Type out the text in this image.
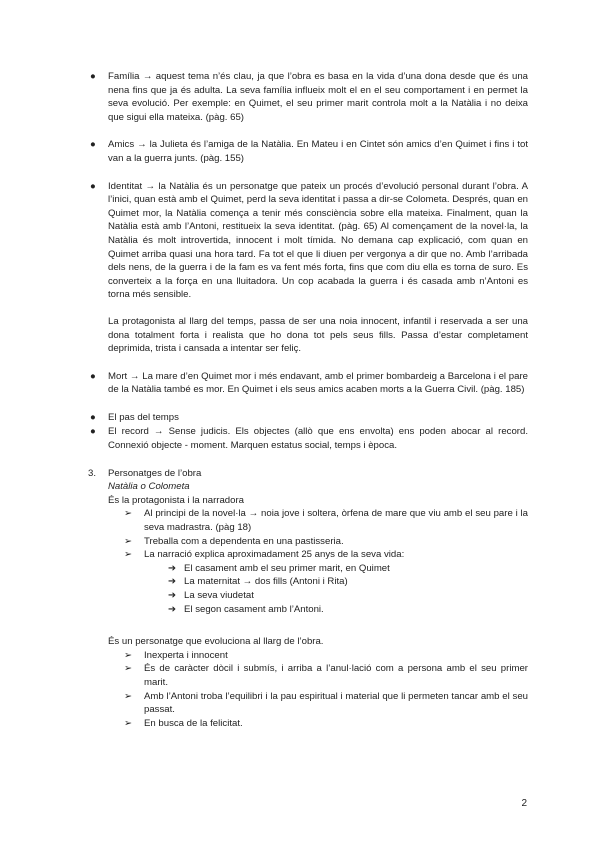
● Família → aquest tema n’és clau, ja que l’obra es basa en la vida d’una dona desde que és una nena fins que ja és adulta. La seva família influeix molt el en el seu comportament i en permet la seva evolució. Per exemple: en Quimet, el seu primer marit controla molt a la Natàlia i no deixa que sigui ella mateixa. (pàg. 65)

● Amics → la Julieta és l’amiga de la Natàlia. En Mateu i en Cintet són amics d’en Quimet i fins i tot van a la guerra junts. (pàg. 155)

● Identitat → la Natàlia és un personatge que pateix un procés d’evolució personal durant l’obra. A l’inici, quan està amb el Quimet, perd la seva identitat i passa a dir-se Colometa. Després, quan en Quimet mor, la Natàlia comença a tenir més consciència sobre ella mateixa. Finalment, quan la Natàlia està amb l’Antoni, restitueix la seva identitat. (pàg. 65) Al començament de la novel·la, la Natàlia és molt introvertida, innocent i molt tímida. No demana cap explicació, com quan en Quimet arriba quasi una hora tard. Fa tot el que li diuen per vergonya a dir que no. Amb l’arribada dels nens, de la guerra i de la fam es va fent més forta, fins que com diu ella es torna de suro. Es converteix a la força en una lluitadora. Un cop acabada la guerra i és casada amb n’Antoni es torna més sensible.

La protagonista al llarg del temps, passa de ser una noia innocent, infantil i reservada a ser una dona totalment forta i realista que ho dona tot pels seus fills. Passa d’estar completament deprimida, trista i cansada a intentar ser feliç.

● Mort → La mare d’en Quimet mor i més endavant, amb el primer bombardeig a Barcelona i el pare de la Natàlia també es mor. En Quimet i els seus amics acaben morts a la Guerra Civil. (pàg. 185)

● El pas del temps

● El record → Sense judicis. Els objectes (allò que ens envolta) ens poden abocar al record. Connexió objecte - moment. Marquen estatus social, temps i època.

3. Personatges de l’obra

Natàlia o Colometa

És la protagonista i la narradora

➢ Al principi de la novel·la → noia jove i soltera, òrfena de mare que viu amb el seu pare i la seva madrastra. (pàg 18)
➢ Treballa com a dependenta en una pastisseria.
➢ La narració explica aproximadament 25 anys de la seva vida:
➔ El casament amb el seu primer marit, en Quimet
➔ La maternitat → dos fills (Antoni i Rita)
➔ La seva viudetat
➔ El segon casament amb l’Antoni.

És un personatge que evoluciona al llarg de l’obra.

➢ Inexperta i innocent
➢ És de caràcter dòcil i submís, i arriba a l’anul·lació com a persona amb el seu primer marit.
➢ Amb l’Antoni troba l’equilibri i la pau espiritual i material que li permeten tancar amb el seu passat.
➢ En busca de la felicitat.
2
